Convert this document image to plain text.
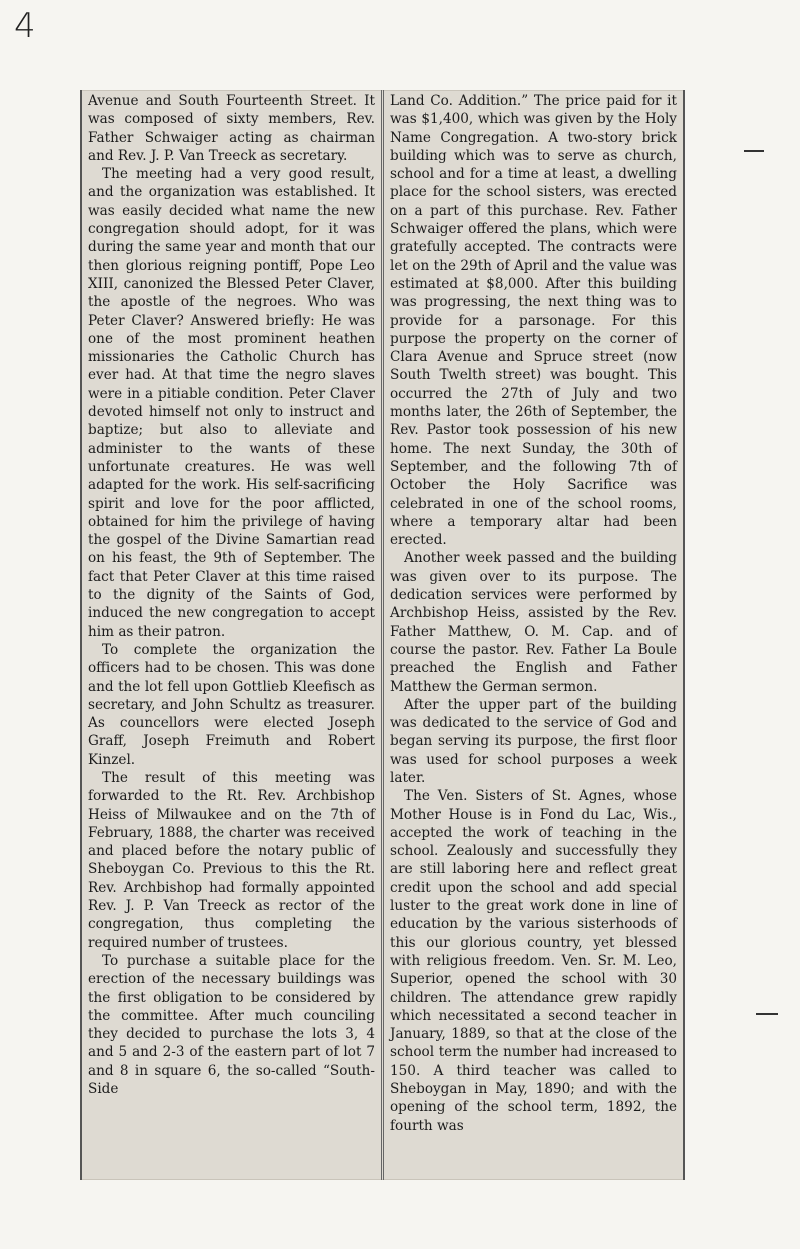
4

Avenue and South Fourteenth Street. It was composed of sixty members, Rev. Father Schwaiger acting as chairman and Rev. J. P. Van Treeck as secretary.

The meeting had a very good result, and the organization was established. It was easily decided what name the new congregation should adopt, for it was during the same year and month that our then glorious reigning pontiff, Pope Leo XIII, canonized the Blessed Peter Claver, the apostle of the negroes. Who was Peter Claver? Answered briefly: He was one of the most prominent heathen missionaries the Catholic Church has ever had. At that time the negro slaves were in a pitiable condition. Peter Claver devoted himself not only to instruct and baptize; but also to alleviate and administer to the wants of these unfortunate creatures. He was well adapted for the work. His self-sacrificing spirit and love for the poor afflicted, obtained for him the privilege of having the gospel of the Divine Samartian read on his feast, the 9th of September. The fact that Peter Claver at this time raised to the dignity of the Saints of God, induced the new congregation to accept him as their patron.

To complete the organization the officers had to be chosen. This was done and the lot fell upon Gottlieb Kleefisch as secretary, and John Schultz as treasurer. As councellors were elected Joseph Graff, Joseph Freimuth and Robert Kinzel.

The result of this meeting was forwarded to the Rt. Rev. Archbishop Heiss of Milwaukee and on the 7th of February, 1888, the charter was received and placed before the notary public of Sheboygan Co. Previous to this the Rt. Rev. Archbishop had formally appointed Rev. J. P. Van Treeck as rector of the congregation, thus completing the required number of trustees.

To purchase a suitable place for the erection of the necessary buildings was the first obligation to be considered by the committee. After much counciling they decided to purchase the lots 3, 4 and 5 and 2-3 of the eastern part of lot 7 and 8 in square 6, the so-called “South-Side

Land Co. Addition.” The price paid for it was $1,400, which was given by the Holy Name Congregation. A two-story brick building which was to serve as church, school and for a time at least, a dwelling place for the school sisters, was erected on a part of this purchase. Rev. Father Schwaiger offered the plans, which were gratefully accepted. The contracts were let on the 29th of April and the value was estimated at $8,000. After this building was progressing, the next thing was to provide for a parsonage. For this purpose the property on the corner of Clara Avenue and Spruce street (now South Twelth street) was bought. This occurred the 27th of July and two months later, the 26th of September, the Rev. Pastor took possession of his new home. The next Sunday, the 30th of September, and the following 7th of October the Holy Sacrifice was celebrated in one of the school rooms, where a temporary altar had been erected.

Another week passed and the building was given over to its purpose. The dedication services were performed by Archbishop Heiss, assisted by the Rev. Father Matthew, O. M. Cap. and of course the pastor. Rev. Father La Boule preached the English and Father Matthew the German sermon.

After the upper part of the building was dedicated to the service of God and began serving its purpose, the first floor was used for school purposes a week later.

The Ven. Sisters of St. Agnes, whose Mother House is in Fond du Lac, Wis., accepted the work of teaching in the school. Zealously and successfully they are still laboring here and reflect great credit upon the school and add special luster to the great work done in line of education by the various sisterhoods of this our glorious country, yet blessed with religious freedom. Ven. Sr. M. Leo, Superior, opened the school with 30 children. The attendance grew rapidly which necessitated a second teacher in January, 1889, so that at the close of the school term the number had increased to 150. A third teacher was called to Sheboygan in May, 1890; and with the opening of the school term, 1892, the fourth was
